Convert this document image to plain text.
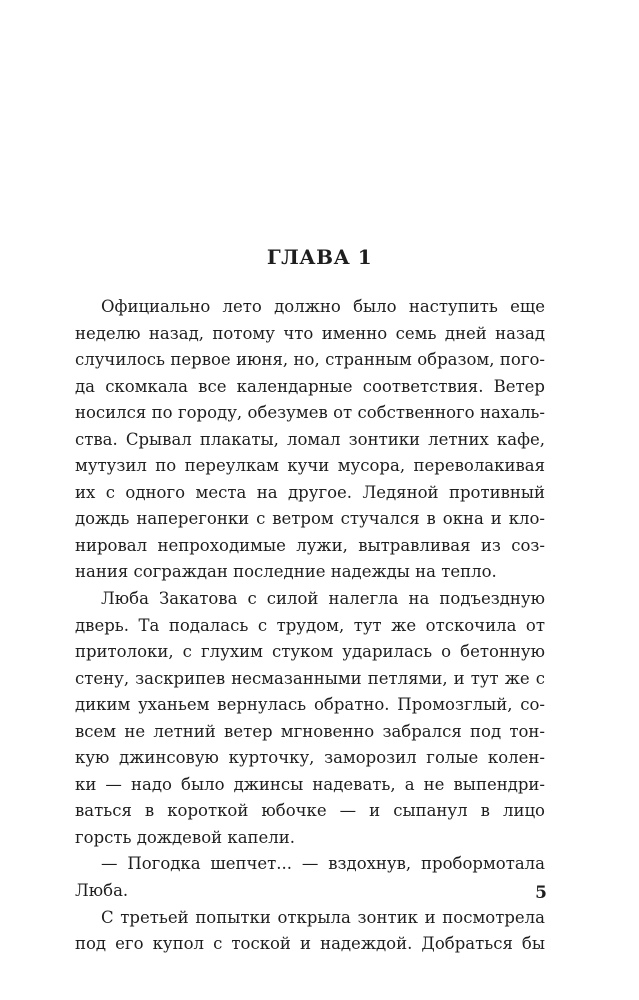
ГЛАВА 1
Официально лето должно было наступить еще
неделю назад, потому что именно семь дней назад
случилось первое июня, но, странным образом, пого-
да скомкала все календарные соответствия. Ветер
носился по городу, обезумев от собственного нахаль-
ства. Срывал плакаты, ломал зонтики летних кафе,
мутузил по переулкам кучи мусора, переволакивая
их с одного места на другое. Ледяной противный
дождь наперегонки с ветром стучался в окна и кло-
нировал непроходимые лужи, вытравливая из соз-
нания сограждан последние надежды на тепло.
Люба Закатова с силой налегла на подъездную
дверь. Та подалась с трудом, тут же отскочила от
притолоки, с глухим стуком ударилась о бетонную
стену, заскрипев несмазанными петлями, и тут же с
диким уханьем вернулась обратно. Промозглый, со-
всем не летний ветер мгновенно забрался под тон-
кую джинсовую курточку, заморозил голые колен-
ки — надо было джинсы надевать, а не выпендри-
ваться в короткой юбочке — и сыпанул в лицо
горсть дождевой капели.
— Погодка шепчет... — вздохнув, пробормотала
Люба.
С третьей попытки открыла зонтик и посмотрела
под его купол с тоской и надеждой. Добраться бы
5
